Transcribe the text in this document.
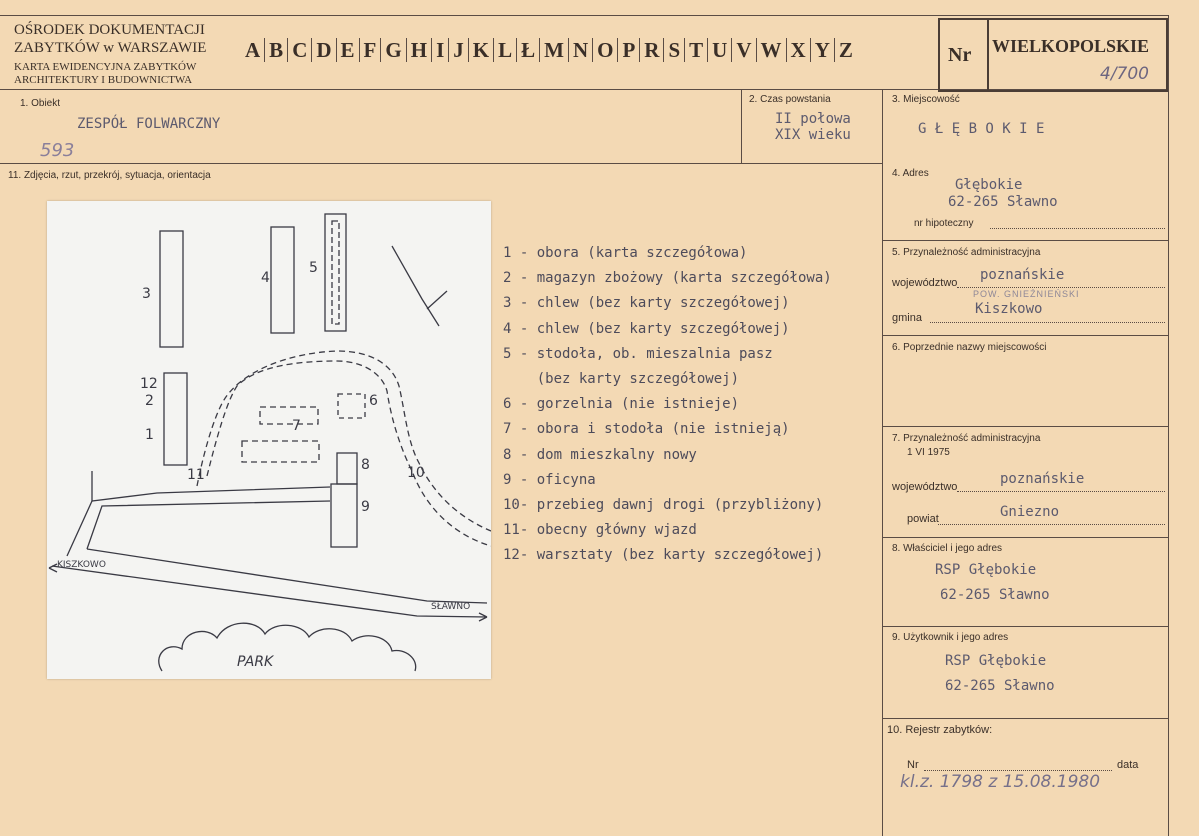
OŚRODEK DOKUMENTACJI
ZABYTKÓW w WARSZAWIE
KARTA EWIDENCYJNA ZABYTKÓW
ARCHITEKTURY I BUDOWNICTWA
A B C D E F G H I J K L Ł M N O P R S T U V W X Y Z	Nr WIELKOPOLSKIE
4/700
1. Obiekt
ZESPÓŁ FOLWARCZNY
593
2. Czas powstania
II połowa
XIX wieku
3. Miejscowość
G Ł Ę B O K I E
11. Zdjęcia, rzut, przekrój, sytuacja, orientacja
3
4
5
12
2
1
6
7
8
9
10
11
KISZKOWO
SŁAWNO
PARK
1 - obora (karta szczegółowa)
2 - magazyn zbożowy (karta szczegółowa)
3 - chlew (bez karty szczegółowej)
4 - chlew (bez karty szczegółowej)
5 - stodoła, ob. mieszalnia pasz
(bez karty szczegółowej)
6 - gorzelnia (nie istnieje)
7 - obora i stodoła (nie istnieją)
8 - dom mieszkalny nowy
9 - oficyna
10- przebieg dawnj drogi (przybliżony)
11- obecny główny wjazd
12- warsztaty (bez karty szczegółowej)
4. Adres
Głębokie
62-265 Sławno
nr hipoteczny
5. Przynależność administracyjna
województwo poznańskie
POW. GNIEŹNIEŃSKI
gmina
Kiszkowo
6. Poprzednie nazwy miejscowości
7. Przynależność administracyjna
1 VI 1975
województwo	poznańskie
powiat	Gniezno
8. Właściciel i jego adres
RSP Głębokie
62-265 Sławno
9. Użytkownik i jego adres
RSP Głębokie
62-265 Sławno
10. Rejestr zabytków:
Nr	data
kl.z. 1798 z 15.08.1980
